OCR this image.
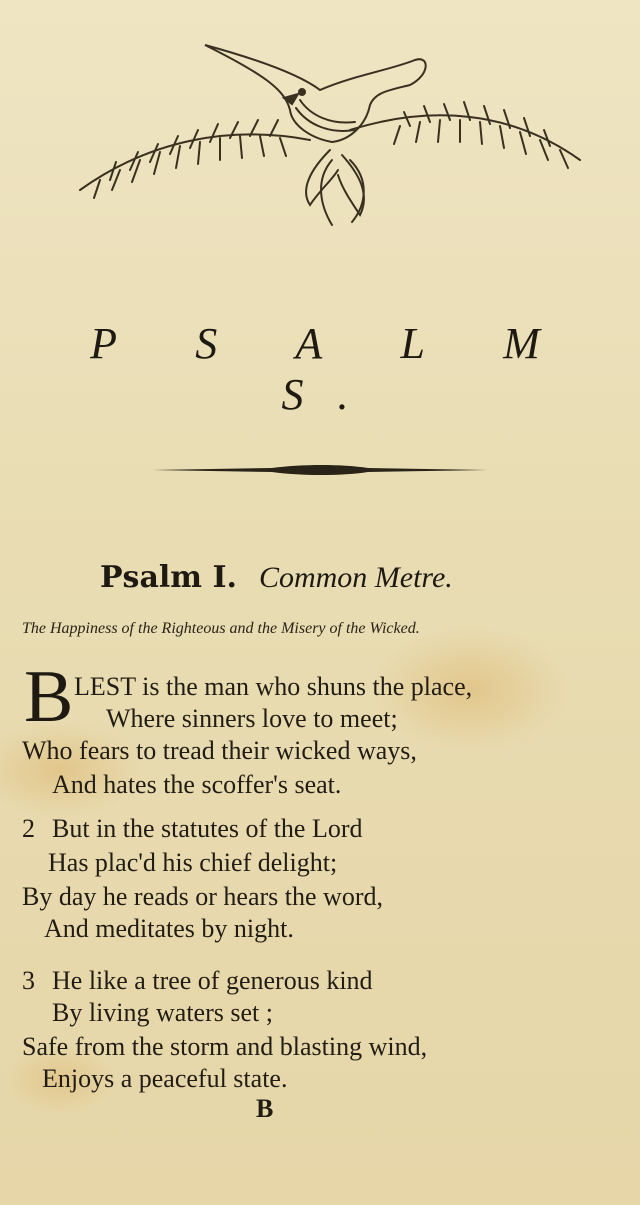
P S A L M S.
Psalm I. Common Metre.
The Happiness of the Righteous and the Misery of the Wicked.
B LEST is the man who shuns the place,
Where sinners love to meet;
Who fears to tread their wicked ways,
And hates the scoffer's seat.
2 But in the statutes of the Lord
Has plac'd his chief delight;
By day he reads or hears the word,
And meditates by night.
3 He like a tree of generous kind
By living waters set ;
Safe from the storm and blasting wind,
Enjoys a peaceful state.
B
